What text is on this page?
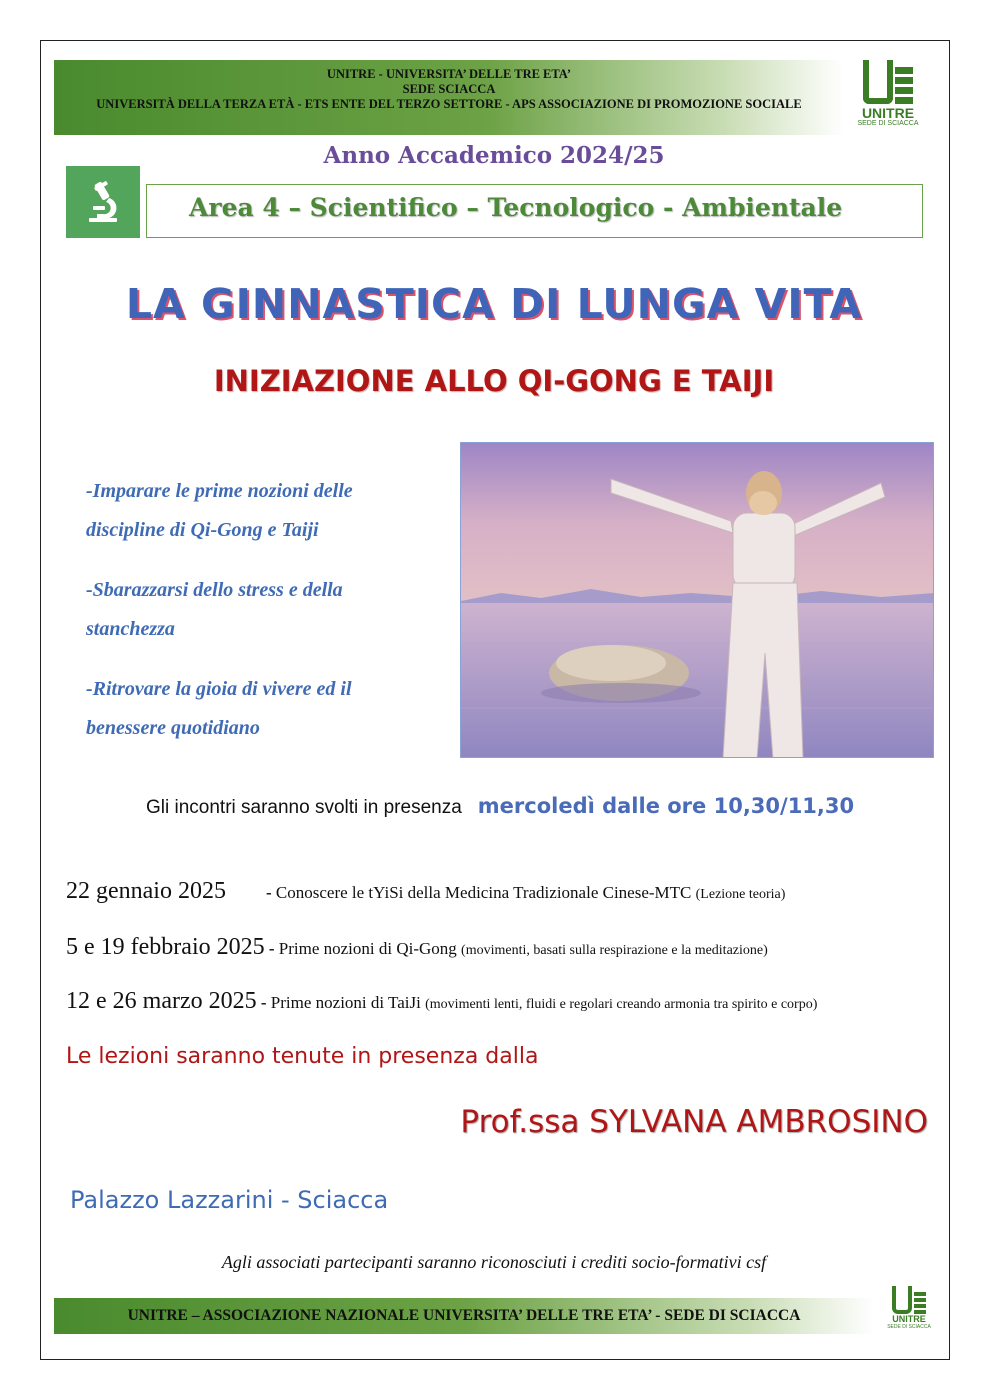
UNITRE - UNIVERSITA’ DELLE TRE ETA’
SEDE SCIACCA
UNIVERSITÀ DELLA TERZA ETÀ - ETS ENTE DEL TERZO SETTORE - APS ASSOCIAZIONE DI PROMOZIONE SOCIALE
UNITRE
SEDE DI SCIACCA
Anno Accademico 2024/25
Area 4 – Scientifico – Tecnologico - Ambientale
LA GINNASTICA DI LUNGA VITA
INIZIAZIONE ALLO QI-GONG E TAIJI

-Imparare le prime nozioni delle discipline di Qi-Gong e Taiji

-Sbarazzarsi dello stress e della stanchezza

-Ritrovare la gioia di vivere ed il benessere quotidiano

Gli incontri saranno svolti in presenza mercoledì dalle ore 10,30/11,30
22 gennaio 2025 - Conoscere le tYiSi della Medicina Tradizionale Cinese-MTC (Lezione teoria)
5 e 19 febbraio 2025 - Prime nozioni di Qi-Gong (movimenti, basati sulla respirazione e la meditazione)
12 e 26 marzo 2025 - Prime nozioni di TaiJi (movimenti lenti, fluidi e regolari creando armonia tra spirito e corpo)
Le lezioni saranno tenute in presenza dalla
Prof.ssa SYLVANA AMBROSINO
Palazzo Lazzarini - Sciacca
Agli associati partecipanti saranno riconosciuti i crediti socio-formativi csf
UNITRE – ASSOCIAZIONE NAZIONALE UNIVERSITA’ DELLE TRE ETA’ - SEDE DI SCIACCA	UNITRE
SEDE DI SCIACCA
